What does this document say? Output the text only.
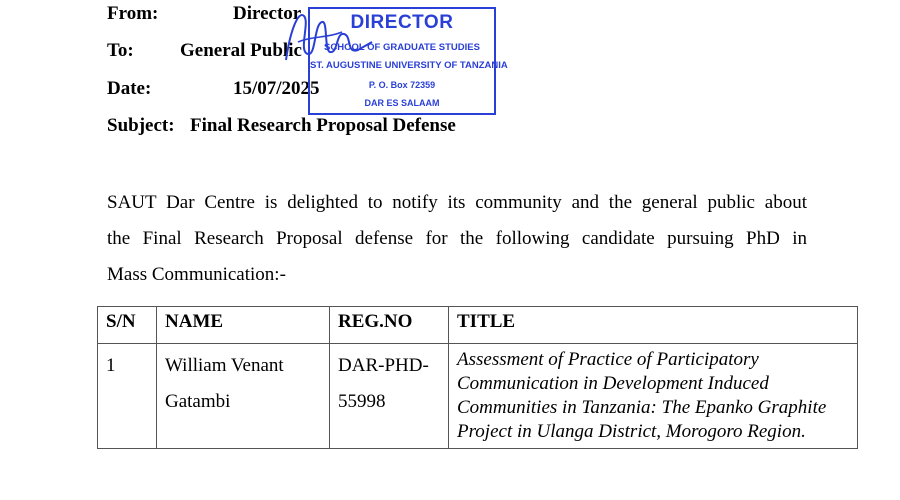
From:	Director
To: General Public
Date:	15/07/2025
Subject: Final Research Proposal Defense
DIRECTOR
SCHOOL OF GRADUATE STUDIES
ST. AUGUSTINE UNIVERSITY OF TANZANIA
P. O. Box 72359
DAR ES SALAAM
SAUT Dar Centre is delighted to notify its community and the general public about
the Final Research Proposal defense for the following candidate pursuing PhD in
Mass Communication:-
S/N	NAME	REG.NO	TITLE
1	William Venant Gatambi	DAR-PHD-55998	Assessment of Practice of Participatory Communication in Development Induced Communities in Tanzania: The Epanko Graphite Project in Ulanga District, Morogoro Region.
